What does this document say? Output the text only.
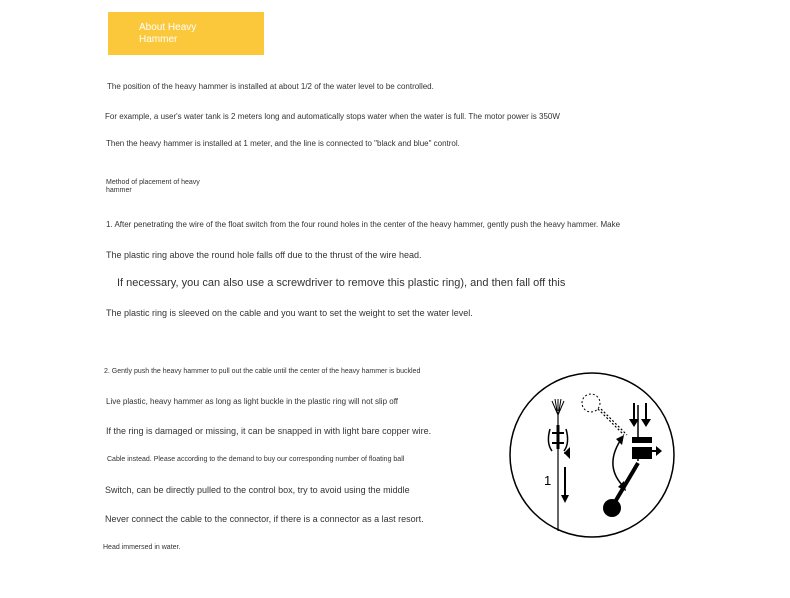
About Heavy Hammer
The position of the heavy hammer is installed at about 1/2 of the water level to be controlled.
For example, a user's water tank is 2 meters long and automatically stops water when the water is full. The motor power is 350W
Then the heavy hammer is installed at 1 meter, and the line is connected to "black and blue" control.
Method of placement of heavy hammer
1. After penetrating the wire of the float switch from the four round holes in the center of the heavy hammer, gently push the heavy hammer. Make
The plastic ring above the round hole falls off due to the thrust of the wire head.
If necessary, you can also use a screwdriver to remove this plastic ring), and then fall off this
The plastic ring is sleeved on the cable and you want to set the weight to set the water level.
2. Gently push the heavy hammer to pull out the cable until the center of the heavy hammer is buckled
Live plastic, heavy hammer as long as light buckle in the plastic ring will not slip off
If the ring is damaged or missing, it can be snapped in with light bare copper wire.
Cable instead. Please according to the demand to buy our corresponding number of floating ball
Switch, can be directly pulled to the control box, try to avoid using the middle
Never connect the cable to the connector, if there is a connector as a last resort.
Head immersed in water.
1
